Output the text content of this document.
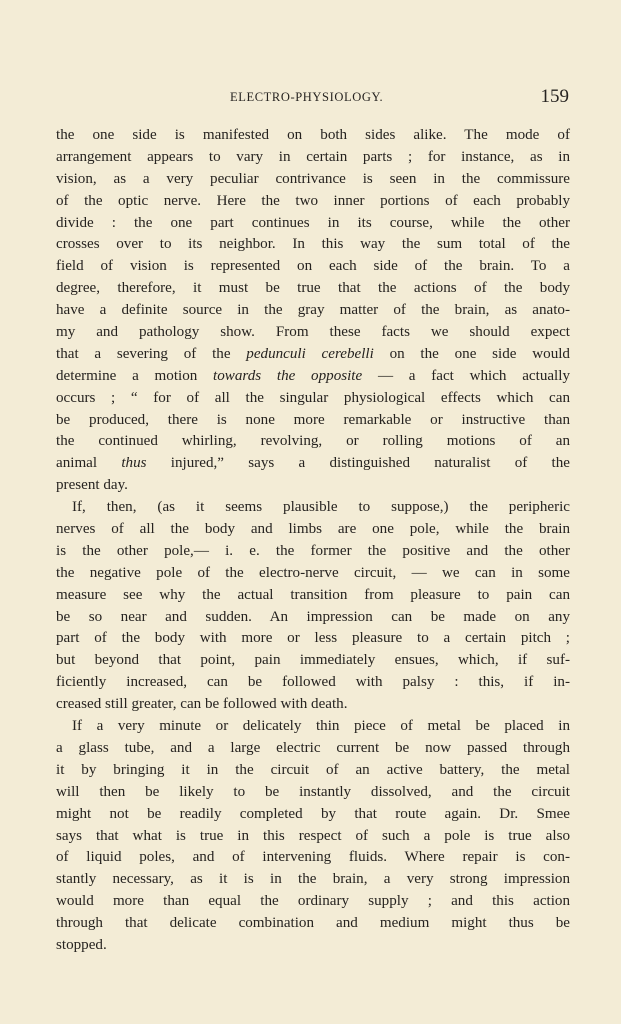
ELECTRO-PHYSIOLOGY.	159
the one side is manifested on both sides alike. The mode of
arrangement appears to vary in certain parts ; for instance, as in
vision, as a very peculiar contrivance is seen in the commissure
of the optic nerve. Here the two inner portions of each probably
divide : the one part continues in its course, while the other
crosses over to its neighbor. In this way the sum total of the
field of vision is represented on each side of the brain. To a
degree, therefore, it must be true that the actions of the body
have a definite source in the gray matter of the brain, as anato-
my and pathology show. From these facts we should expect
that a severing of the pedunculi cerebelli on the one side would
determine a motion towards the opposite — a fact which actually
occurs ; “ for of all the singular physiological effects which can
be produced, there is none more remarkable or instructive than
the continued whirling, revolving, or rolling motions of an
animal thus injured,” says a distinguished naturalist of the
present day.
If, then, (as it seems plausible to suppose,) the peripheric
nerves of all the body and limbs are one pole, while the brain
is the other pole,— i. e. the former the positive and the other
the negative pole of the electro-nerve circuit, — we can in some
measure see why the actual transition from pleasure to pain can
be so near and sudden. An impression can be made on any
part of the body with more or less pleasure to a certain pitch ;
but beyond that point, pain immediately ensues, which, if suf-
ficiently increased, can be followed with palsy : this, if in-
creased still greater, can be followed with death.
If a very minute or delicately thin piece of metal be placed in
a glass tube, and a large electric current be now passed through
it by bringing it in the circuit of an active battery, the metal
will then be likely to be instantly dissolved, and the circuit
might not be readily completed by that route again. Dr. Smee
says that what is true in this respect of such a pole is true also
of liquid poles, and of intervening fluids. Where repair is con-
stantly necessary, as it is in the brain, a very strong impression
would more than equal the ordinary supply ; and this action
through that delicate combination and medium might thus be
stopped.
